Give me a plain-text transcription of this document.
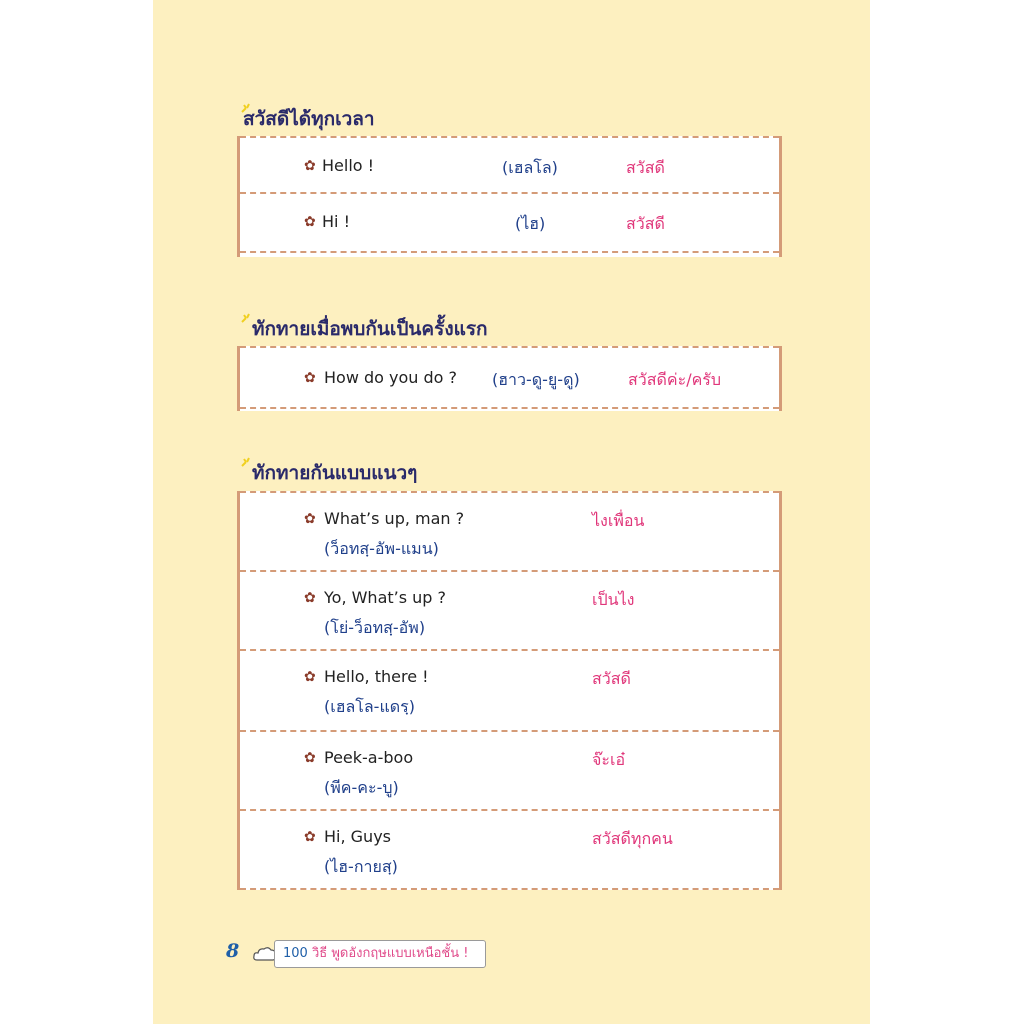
สวัสดีได้ทุกเวลา
✿ Hello !	(เฮลโล)	สวัสดี
✿ Hi !	(ไฮ)	สวัสดี
ทักทายเมื่อพบกันเป็นครั้งแรก
✿ How do you do ? (ฮาว-ดู-ยู-ดู)	สวัสดีค่ะ/ครับ
ทักทายกันแบบแนวๆ
✿ What’s up, man ?
(ว็อทสฺ-อัพ-แมน)
ไงเพื่อน
✿ Yo, What’s up ?
(โย่-ว็อทสฺ-อัพ)
เป็นไง
✿ Hello, there !
(เฮลโล-แดรฺ)
สวัสดี
✿ Peek-a-boo
(พีค-คะ-บู)
จ๊ะเอ๋
✿ Hi, Guys
(ไฮ-กายสฺ)
สวัสดีทุกคน
8	100 วิธี พูดอังกฤษแบบเหนือชั้น !
